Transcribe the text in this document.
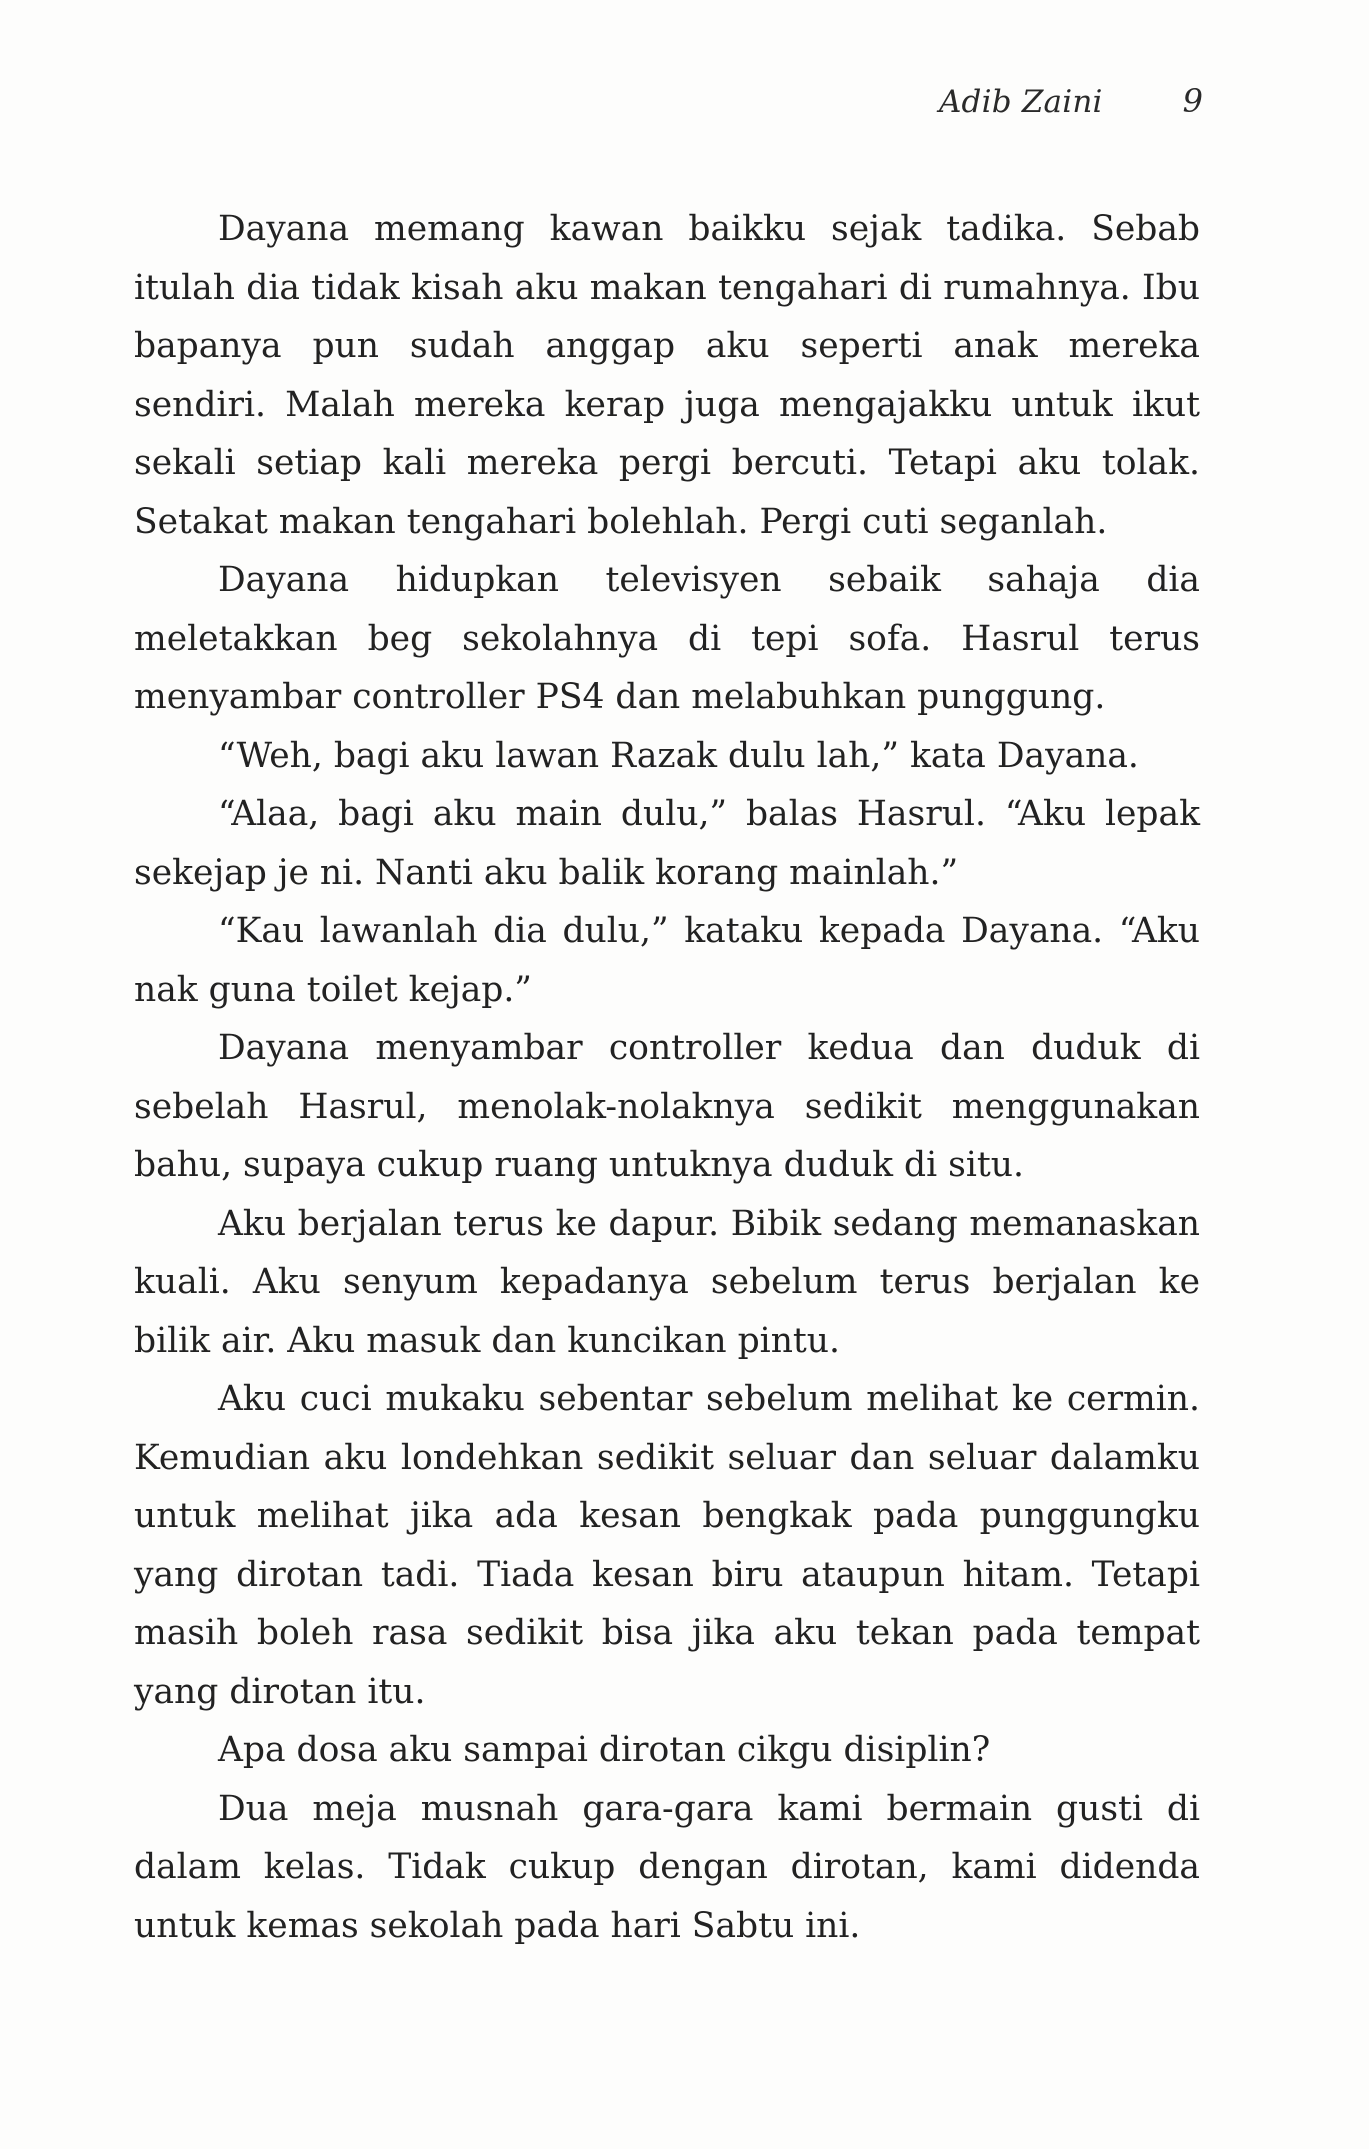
Adib Zaini	9

Dayana memang kawan baikku sejak tadika. Sebab itulah dia tidak kisah aku makan tengahari di rumahnya. Ibu bapanya pun sudah anggap aku seperti anak mereka sendiri. Malah mereka kerap juga mengajakku untuk ikut sekali setiap kali mereka pergi bercuti. Tetapi aku tolak. Setakat makan tengahari bolehlah. Pergi cuti seganlah.

Dayana hidupkan televisyen sebaik sahaja dia meletakkan beg sekolahnya di tepi sofa. Hasrul terus menyambar controller PS4 dan melabuhkan punggung.

“Weh, bagi aku lawan Razak dulu lah,” kata Dayana.

“Alaa, bagi aku main dulu,” balas Hasrul. “Aku lepak sekejap je ni. Nanti aku balik korang mainlah.”

“Kau lawanlah dia dulu,” kataku kepada Dayana. “Aku nak guna toilet kejap.”

Dayana menyambar controller kedua dan duduk di sebelah Hasrul, menolak-nolaknya sedikit menggunakan bahu, supaya cukup ruang untuknya duduk di situ.

Aku berjalan terus ke dapur. Bibik sedang memanaskan kuali. Aku senyum kepadanya sebelum terus berjalan ke bilik air. Aku masuk dan kuncikan pintu.

Aku cuci mukaku sebentar sebelum melihat ke cermin. Kemudian aku londehkan sedikit seluar dan seluar dalamku untuk melihat jika ada kesan bengkak pada punggungku yang dirotan tadi. Tiada kesan biru ataupun hitam. Tetapi masih boleh rasa sedikit bisa jika aku tekan pada tempat yang dirotan itu.

Apa dosa aku sampai dirotan cikgu disiplin?

Dua meja musnah gara-gara kami bermain gusti di dalam kelas. Tidak cukup dengan dirotan, kami didenda untuk kemas sekolah pada hari Sabtu ini.
